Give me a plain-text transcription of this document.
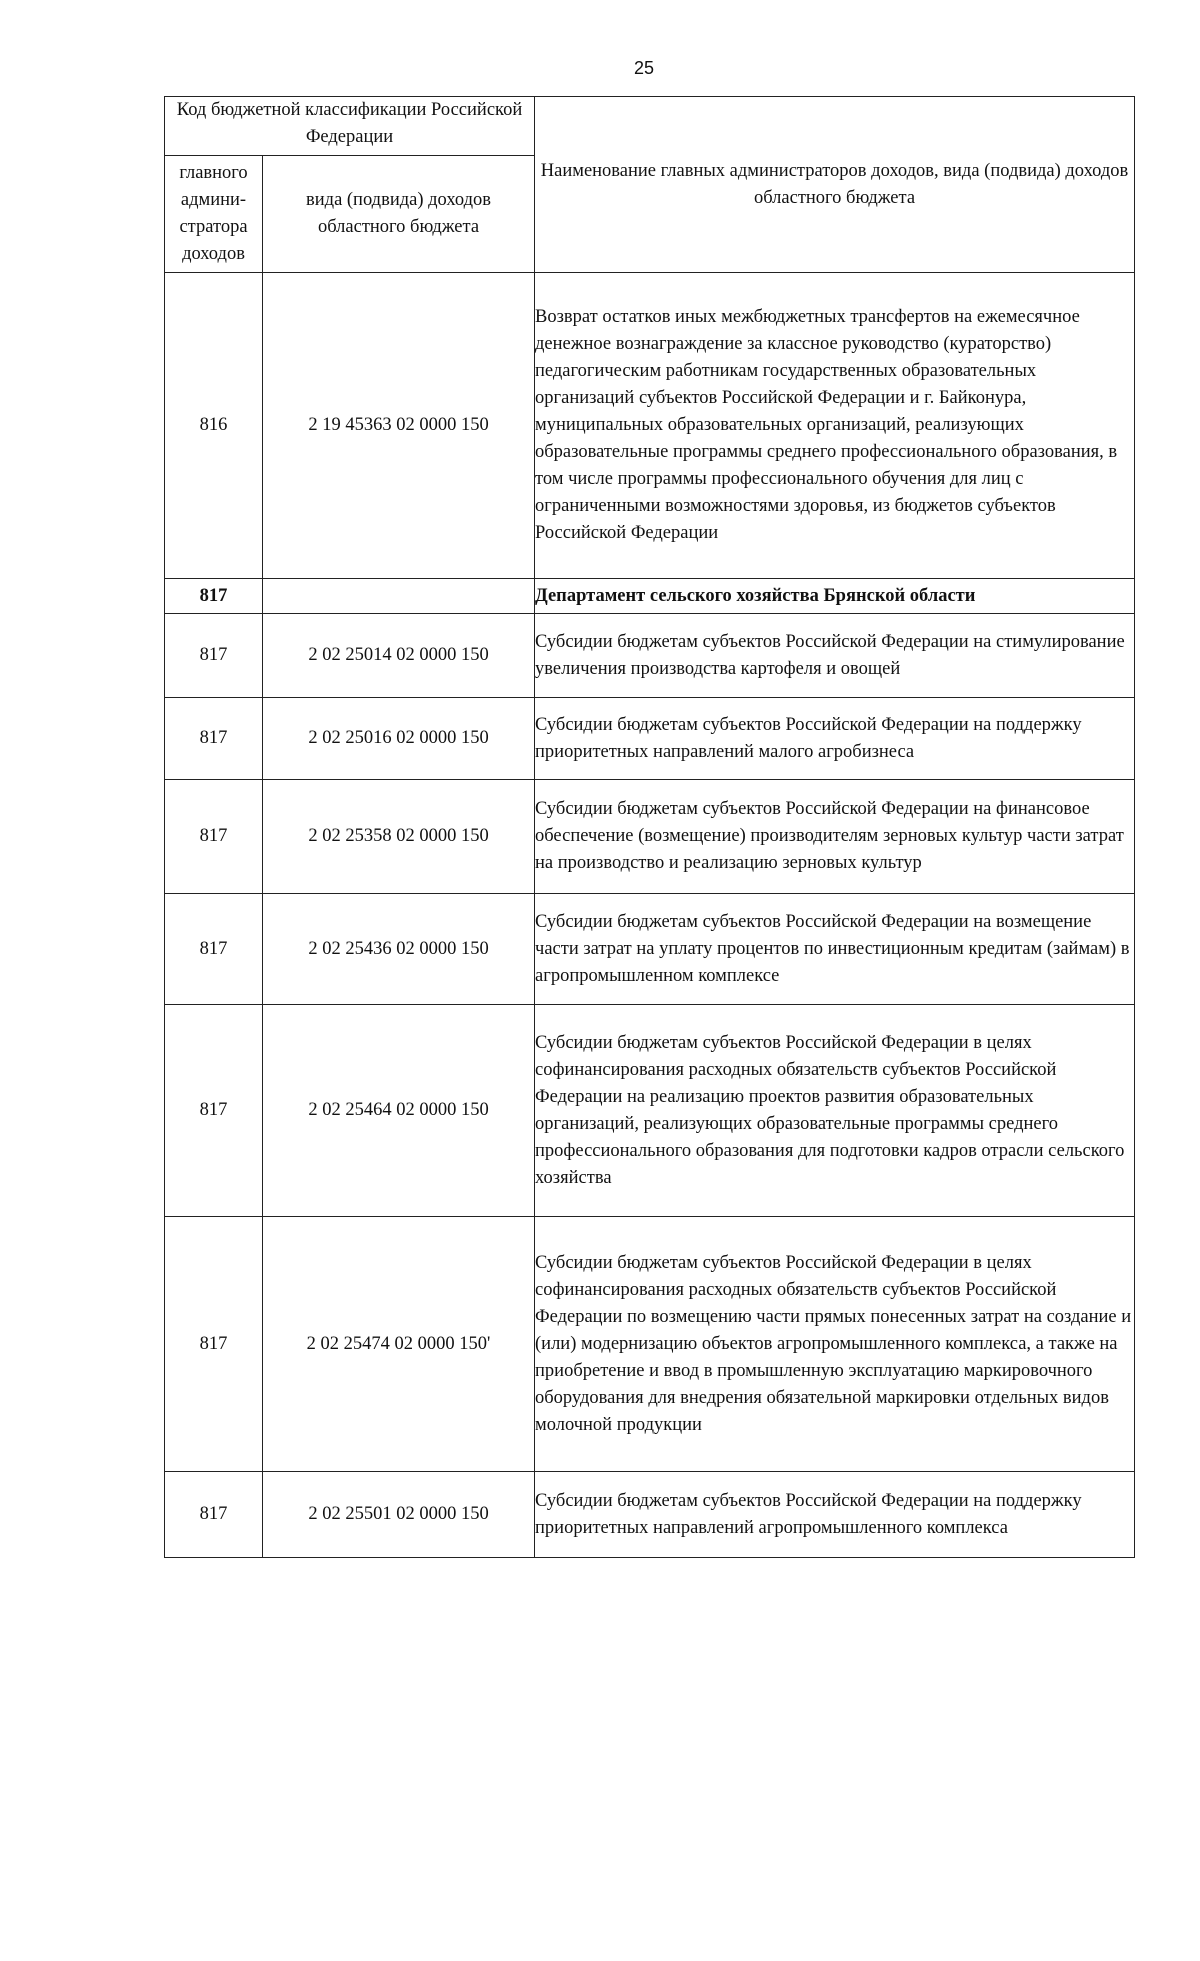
25
Код бюджетной классификации Российской Федерации		Наименование главных администраторов доходов, вида (подвида) доходов областного бюджета
главного админи-стратора доходов	вида (подвида) доходов областного бюджета	
816	2 19 45363 02 0000 150	Возврат остатков иных межбюджетных трансфертов на ежемесячное денежное вознаграждение за классное руководство (кураторство) педагогическим работникам государственных образовательных организаций субъектов Российской Федерации и г. Байконура, муниципальных образовательных организаций, реализующих образовательные программы среднего профессионального образования, в том числе программы профессионального обучения для лиц с ограниченными возможностями здоровья, из бюджетов субъектов Российской Федерации
817		Департамент сельского хозяйства Брянской области
817	2 02 25014 02 0000 150	Субсидии бюджетам субъектов Российской Федерации на стимулирование увеличения производства картофеля и овощей
817	2 02 25016 02 0000 150	Субсидии бюджетам субъектов Российской Федерации на поддержку приоритетных направлений малого агробизнеса
817	2 02 25358 02 0000 150	Субсидии бюджетам субъектов Российской Федерации на финансовое обеспечение (возмещение) производителям зерновых культур части затрат на производство и реализацию зерновых культур
817	2 02 25436 02 0000 150	Субсидии бюджетам субъектов Российской Федерации на возмещение части затрат на уплату процентов по инвестиционным кредитам (займам) в агропромышленном комплексе
817	2 02 25464 02 0000 150	Субсидии бюджетам субъектов Российской Федерации в целях софинансирования расходных обязательств субъектов Российской Федерации на реализацию проектов развития образовательных организаций, реализующих образовательные программы среднего профессионального образования для подготовки кадров отрасли сельского хозяйства
817	2 02 25474 02 0000 150'	Субсидии бюджетам субъектов Российской Федерации в целях софинансирования расходных обязательств субъектов Российской Федерации по возмещению части прямых понесенных затрат на создание и (или) модернизацию объектов агропромышленного комплекса, а также на приобретение и ввод в промышленную эксплуатацию маркировочного оборудования для внедрения обязательной маркировки отдельных видов молочной продукции
817	2 02 25501 02 0000 150	Субсидии бюджетам субъектов Российской Федерации на поддержку приоритетных направлений агропромышленного комплекса
